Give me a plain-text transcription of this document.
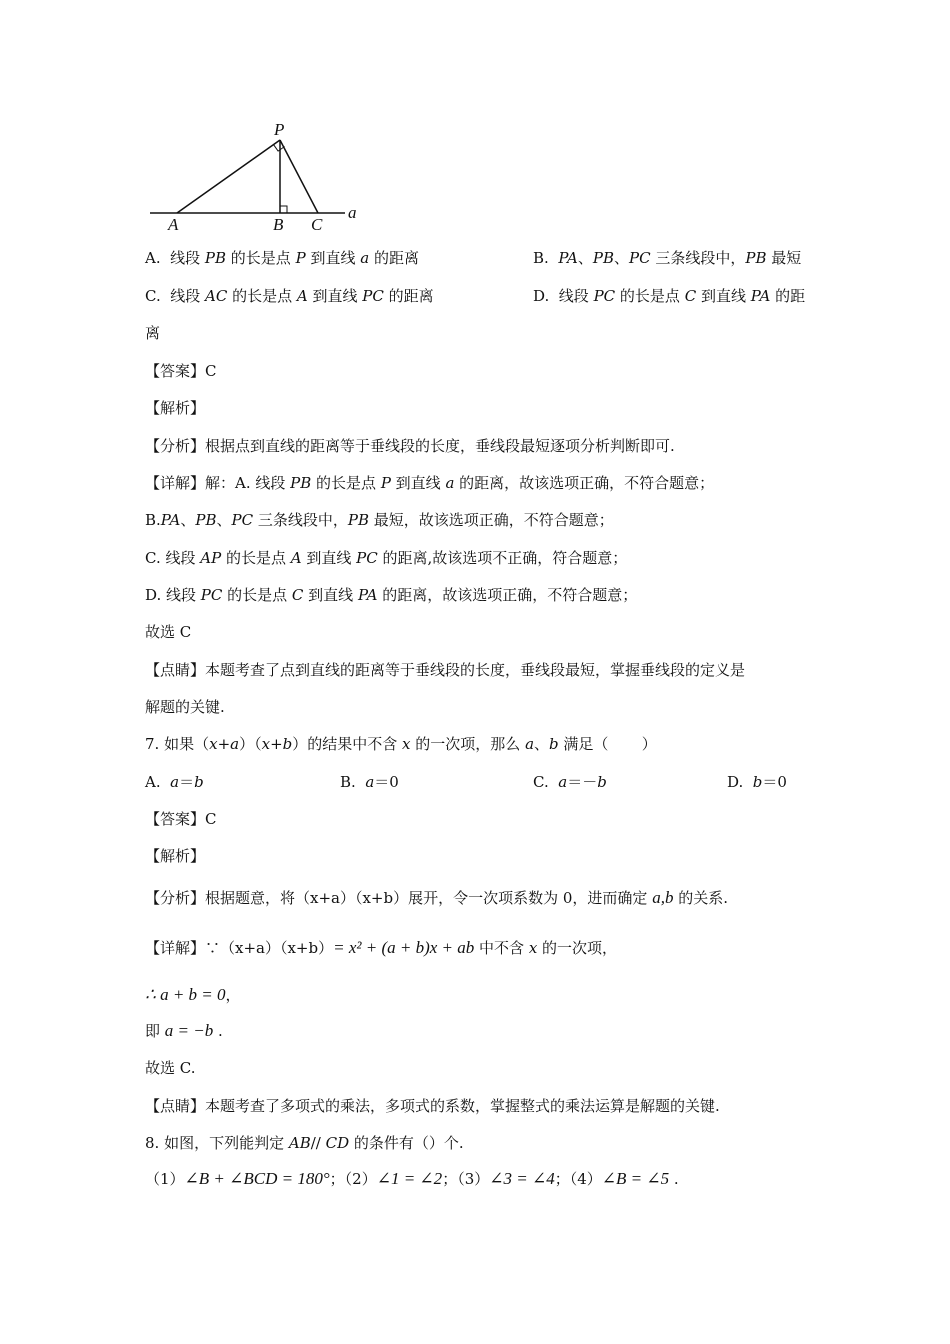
P
A	B C
a
A.  线段 PB 的长是点 P 到直线 a 的距离	B.  PA、PB、PC 三条线段中，PB 最短
C.  线段 AC 的长是点 A 到直线 PC 的距离	D.  线段 PC 的长是点 C 到直线 PA 的距
离
【答案】C
【解析】
【分析】根据点到直线的距离等于垂线段的长度，垂线段最短逐项分析判断即可.
【详解】解：A. 线段 PB 的长是点 P 到直线 a 的距离，故该选项正确，不符合题意；
B.PA、PB、PC 三条线段中，PB 最短，故该选项正确，不符合题意；
C. 线段 AP 的长是点 A 到直线 PC 的距离,故该选项不正确，符合题意；
D. 线段 PC 的长是点 C 到直线 PA 的距离，故该选项正确，不符合题意；
故选 C
【点睛】本题考查了点到直线的距离等于垂线段的长度，垂线段最短，掌握垂线段的定义是
解题的关键.
7. 如果（x+a）（x+b）的结果中不含 x 的一次项，那么 a、b 满足（       ）
A.  a＝b	B.  a＝0	C.  a＝－b	D.  b＝0
【答案】C
【解析】
【分析】根据题意，将（x+a）（x+b）展开，令一次项系数为 0，进而确定 a,b 的关系.
【详解】∵（x+a）（x+b）= x² + (a + b)x + ab 中不含 x 的一次项，
∴ a + b = 0，
即 a = −b .
故选 C.
【点睛】本题考查了多项式的乘法，多项式的系数，掌握整式的乘法运算是解题的关键.
8. 如图，下列能判定 AB// CD 的条件有（）个.
（1）∠B + ∠BCD = 180°；（2）∠1 = ∠2；（3）∠3 = ∠4；（4）∠B = ∠5 .
